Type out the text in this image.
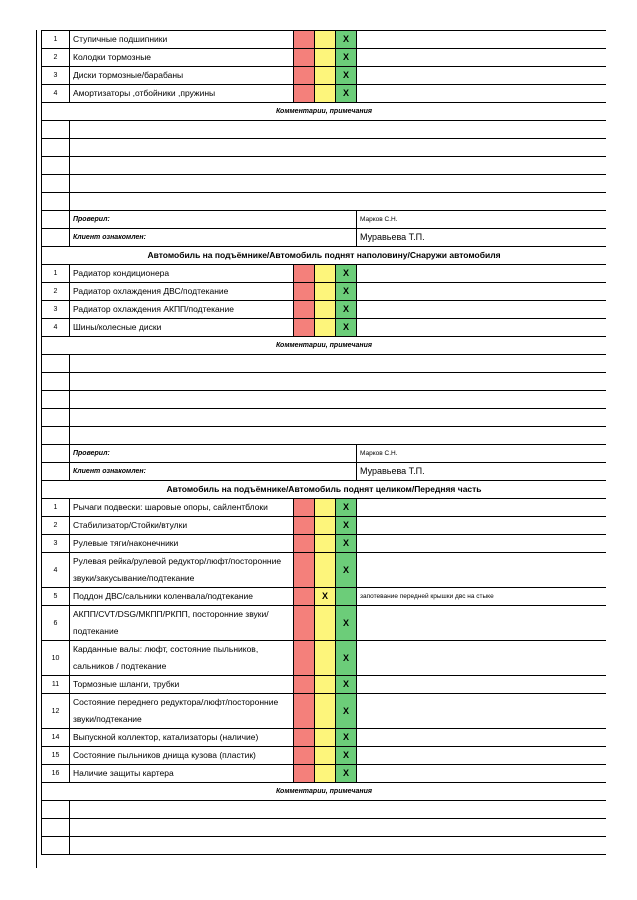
1	Ступичные подшипники			X	
2	Колодки тормозные			X	
3	Диски тормозные/барабаны			X	
4	Амортизаторы ,отбойники ,пружины			X	
Комментарии, примечания					

	Проверил:				Марков С.Н.
	Клиент ознакомлен:				Муравьева Т.П.
Автомобиль на подъёмнике/Автомобиль поднят наполовину/Снаружи автомобиля					
1	Радиатор кондиционера			X	
2	Радиатор охлаждения ДВС/подтекание			X	
3	Радиатор охлаждения АКПП/подтекание			X	
4	Шины/колесные диски			X	
Комментарии, примечания					

	Проверил:				Марков С.Н.
	Клиент ознакомлен:				Муравьева Т.П.
Автомобиль на подъёмнике/Автомобиль поднят целиком/Передняя часть					
1	Рычаги подвески: шаровые опоры, сайлентблоки			X	
2	Стабилизатор/Стойки/втулки			X	
3	Рулевые тяги/наконечники			X	
4	Рулевая рейка/рулевой редуктор/люфт/посторонние звуки/закусывание/подтекание			X	
5	Поддон ДВС/сальники коленвала/подтекание		X		запотевание передней крышки двс на стыке
6	АКПП/CVT/DSG/МКПП/РКПП, посторонние звуки/ подтекание			X	
10	Карданные валы: люфт, состояние пыльников, сальников / подтекание			X	
11	Тормозные шланги, трубки			X	
12	Состояние переднего редуктора/люфт/посторонние звуки/подтекание			X	
14	Выпускной коллектор, катализаторы (наличие)			X	
15	Состояние пыльников днища кузова (пластик)			X	
16	Наличие защиты картера			X	
Комментарии, примечания					
